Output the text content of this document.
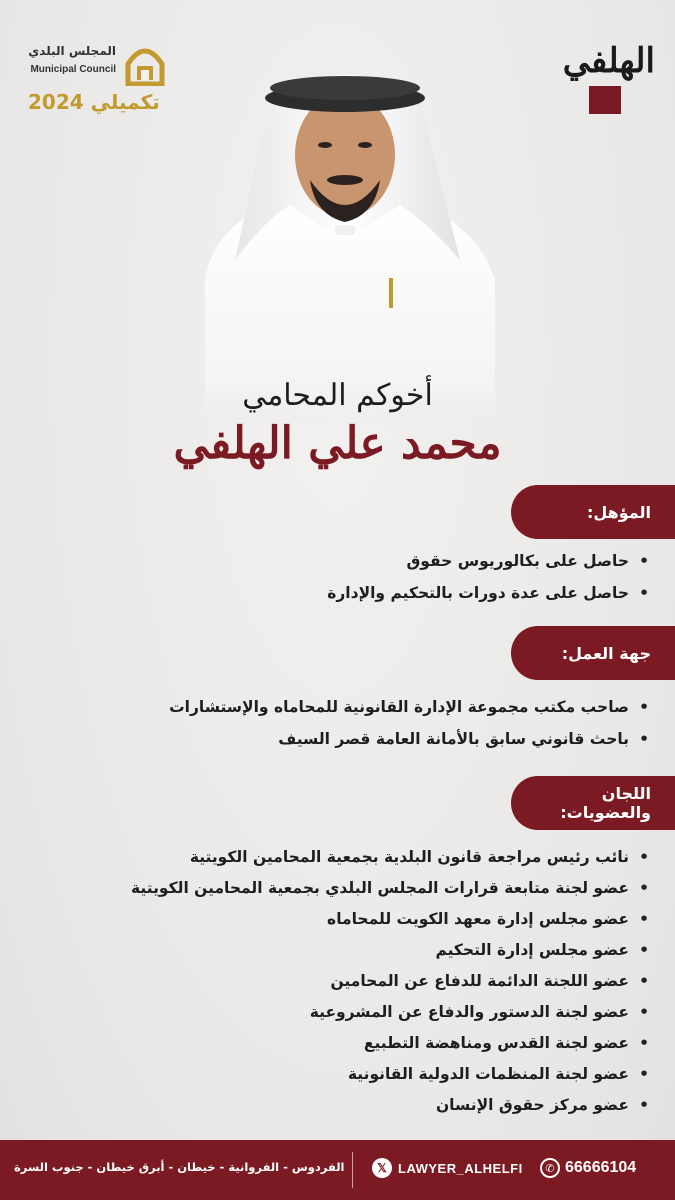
المجلس البلدي
Municipal Council
2024 تكميلي
الهلفي
أخوكم المحامي
محمد علي الهلفي
المؤهل:
• حاصل على بكالوريوس حقوق
• حاصل على عدة دورات بالتحكيم والإدارة
جهة العمل:
• صاحب مكتب مجموعة الإدارة القانونية للمحاماه والإستشارات
• باحث قانوني سابق بالأمانة العامة قصر السيف
اللجان والعضويات:
• نائب رئيس مراجعة قانون البلدية بجمعية المحامين الكويتية
• عضو لجنة متابعة قرارات المجلس البلدي بجمعية المحامين الكويتية
• عضو مجلس إدارة معهد الكويت للمحاماه
• عضو مجلس إدارة التحكيم
• عضو اللجنة الدائمة للدفاع عن المحامين
• عضو لجنة الدستور والدفاع عن المشروعية
• عضو لجنة القدس ومناهضة التطبيع
• عضو لجنة المنظمات الدولية القانونية
• عضو مركز حقوق الإنسان
الفردوس - الفروانية - خيطان - أبرق خيطان - جنوب السرة	𝕏 LAWYER_ALHELFI	✆ 66666104
